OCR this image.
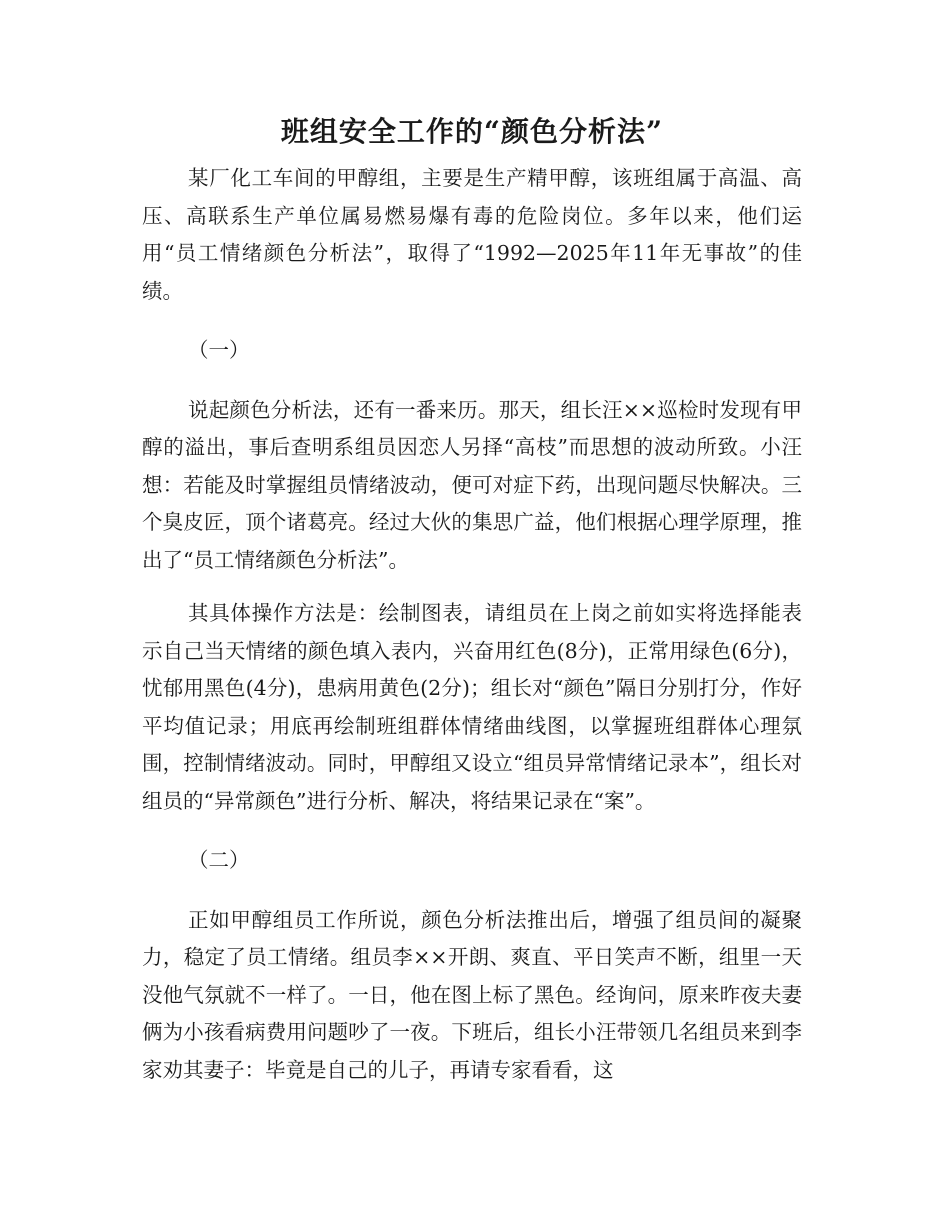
班组安全工作的“颜色分析法”

某厂化工车间的甲醇组，主要是生产精甲醇，该班组属于高温、高压、高联系生产单位属易燃易爆有毒的危险岗位。多年以来，他们运用“员工情绪颜色分析法”，取得了“1992—2025年11年无事故”的佳绩。

（一）

说起颜色分析法，还有一番来历。那天，组长汪××巡检时发现有甲醇的溢出，事后查明系组员因恋人另择“高枝”而思想的波动所致。小汪想：若能及时掌握组员情绪波动，便可对症下药，出现问题尽快解决。三个臭皮匠，顶个诸葛亮。经过大伙的集思广益，他们根据心理学原理，推出了“员工情绪颜色分析法”。

其具体操作方法是：绘制图表，请组员在上岗之前如实将选择能表示自己当天情绪的颜色填入表内，兴奋用红色(8分)，正常用绿色(6分)，忧郁用黑色(4分)，患病用黄色(2分)；组长对“颜色”隔日分别打分，作好平均值记录；用底再绘制班组群体情绪曲线图，以掌握班组群体心理氛围，控制情绪波动。同时，甲醇组又设立“组员异常情绪记录本”，组长对组员的“异常颜色”进行分析、解决，将结果记录在“案”。

（二）

正如甲醇组员工作所说，颜色分析法推出后，增强了组员间的凝聚力，稳定了员工情绪。组员李××开朗、爽直、平日笑声不断，组里一天没他气氛就不一样了。一日，他在图上标了黑色。经询问，原来昨夜夫妻俩为小孩看病费用问题吵了一夜。下班后，组长小汪带领几名组员来到李家劝其妻子：毕竟是自己的儿子，再请专家看看，这
